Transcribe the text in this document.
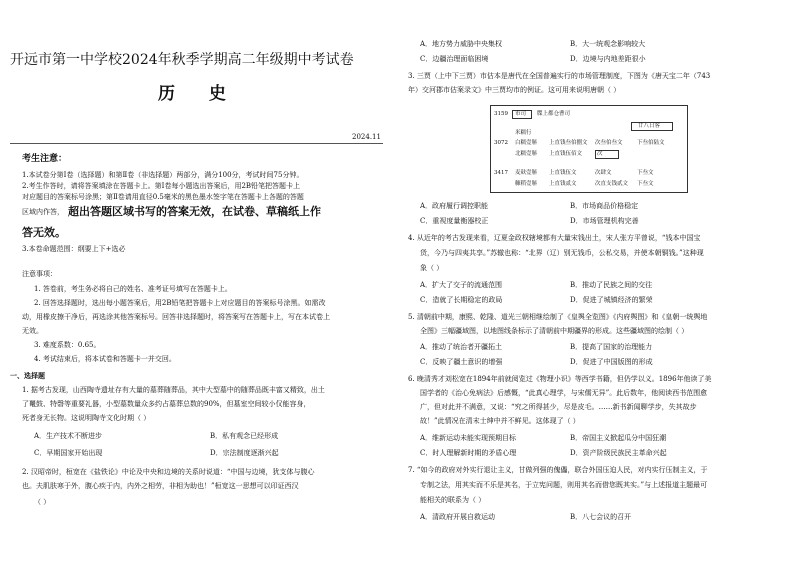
开远市第一中学校2024年秋季学期高二年级期中考试卷
历 史
2024.11
考生注意：
1.本试卷分第Ⅰ卷（选择题）和第Ⅱ卷（非选择题）两部分，满分100分，考试时间75分钟。
2.考生作答时，请将答案填涂在答题卡上。第Ⅰ卷每小题选出答案后，用2B铅笔把答题卡上
对应题目的答案标号涂黑；第Ⅱ卷请用直径0.5毫米的黑色墨水签字笔在答题卡上各题的答题
区域内作答， 超出答题区域书写的答案无效，在试卷、草稿纸上作
答无效。
3.本卷命题范围：纲要上下+选必
注意事项：
1. 答卷前，考生务必将自己的姓名、准考证号填写在答题卡上。
2. 回答选择题时，选出每小题答案后，用2B铅笔把答题卡上对应题目的答案标号涂黑。如需改
动，用橡皮擦干净后，再选涂其他答案标号。回答非选择题时，将答案写在答题卡上，写在本试卷上
无效。
3. 难度系数：0.65。
4. 考试结束后，将本试卷和答题卡一并交回。
一、选择题
1. 据考古发现，山西陶寺遗址存有大量的墓葬随葬品，其中大型墓中的随葬品既丰富又精致，出土
了鼍鼓、特磬等重要礼器，小型墓数量众多约占墓葬总数的90%，但墓室空间较小仅能容身，
死者身无长物。这说明陶寺文化时期（ ）
A．生产技术不断进步	B．私有观念已经形成
C．早期国家开始出现	D．宗法制度逐渐兴起
2. 汉昭帝时，桓宽在《盐铁论》中论及中央和边境的关系时说道：“中国与边境，犹支体与腹心
也。夫肌肤寒于外，腹心疾于内，内外之相劳，非相为助也！”桓宽这一思想可以印证西汉
（ ）
A．地方势力威胁中央集权	B．大一统观念影响较大
C．边疆治理面临困境	D．边境与内地差距很小
3. 三贾（上中下三贾）市估本是唐代在全国普遍实行的市场管理制度，下图为《唐天宝二年（743
年）交河郡市估案录文》中三贾均市的例证。这可用来说明唐朝（ ）
3159 市司 牒上都仓曹司
廿八日客
米糯行
3072 白糯壹斛 上直钱叁伯捌文 次叁伯叁文	下叁伯陆文
北糯壹斛 上直钱伍佰文	次
3417 麦麸壹斛 上直钱伍文	次肆文	下叁文
糠稻壹斛 上直钱贰文	次直支钱贰文 下叁文
A．政府履行调控职能	B．市场商品价格稳定
C．重视度量衡器校正	D．市场管理机构完善
4. 从近年的考古发现来看，辽夏金政权辖境都有大量宋钱出土，宋人张方平曾说，“钱本中国宝
货，今乃与四夷共享。”苏辙也称：“北界（辽）别无钱币，公私交易，并使本朝铜钱。”这种现
象（ ）
A．扩大了交子的流通范围	B．推动了民族之间的交往
C．造就了长期稳定的政局	D．促进了城镇经济的繁荣
5. 清朝前中期，康熙、乾隆、道光三朝相继绘制了《皇舆全览图》《内府舆图》和《皇朝一统舆地
全图》三幅疆域图，以地图线条标示了清朝前中期疆界的形成。这些疆域图的绘制（ ）
A．推动了统治者开疆拓土	B．提高了国家的治理能力
C．反映了疆土意识的增强	D．促进了中国版图的形成
6. 晚清秀才刘松宽在1894年前就阅览过《物理小识》等西学书籍，但仍学以义。1896年他读了美
国学者的《治心免病法》后感慨，“此真心理学，与宋儒无异”。此后数年，他阅读西书范围愈
广，但对此并不满意，又说：“究之所得甚少，尽是皮毛。……新书新闻聊学步，失其故步
故！”此情况在清末士绅中并不鲜见。这体现了（ ）
A．维新运动未能实现预期目标	B．帝国主义掀起瓜分中国狂潮
C．时人理解新时期的矛盾心理	D．资产阶级民族民主革命兴起
7. “如今的政府对外实行退让主义，甘做列强的傀儡，联合外国压迫人民，对内实行压制主义，于
专制之法，用其实而不乐是其名，于立宪问题，则用其名而借您既其实。”与上述报道主题最可
能相关的联系为（ ）
A．清政府开展自救运动	B．八七会议的召开
